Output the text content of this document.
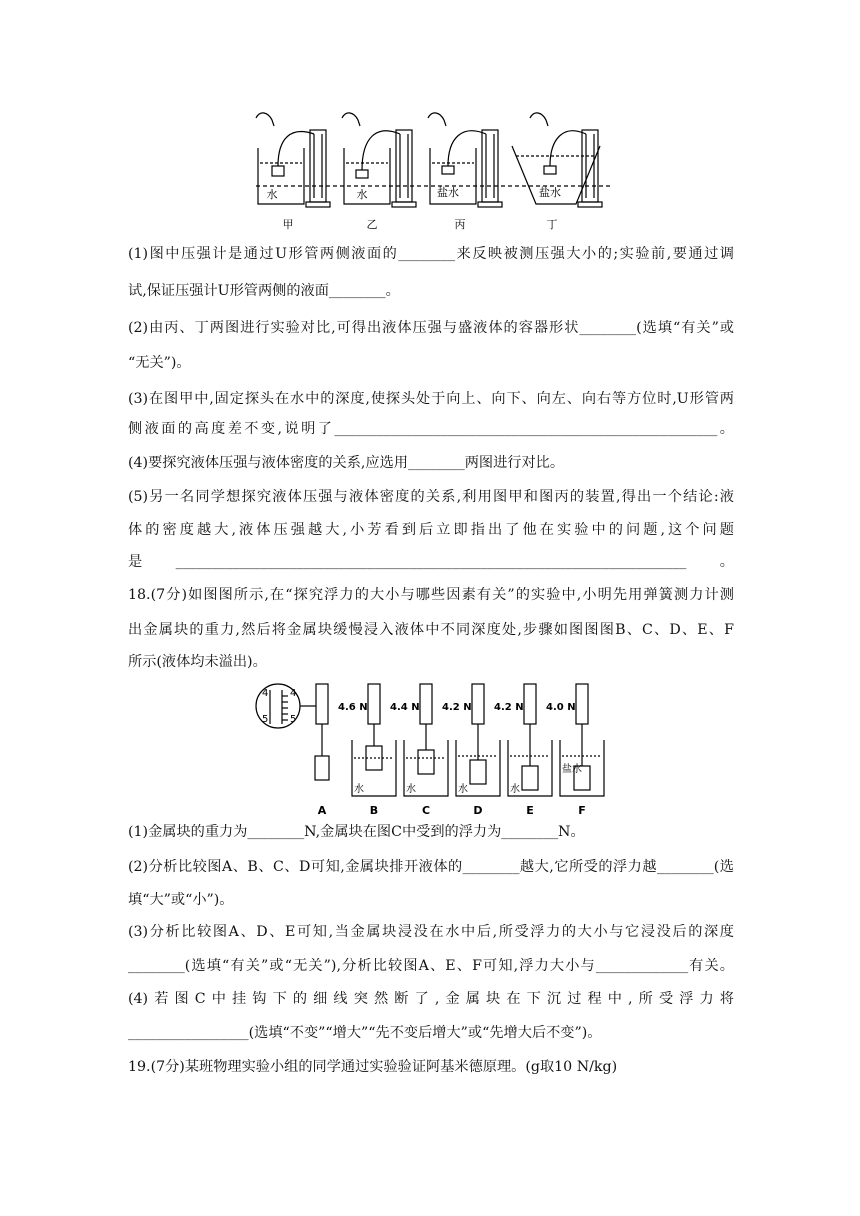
水	水	盐水	盐水
甲	乙	丙	丁
(1)图中压强计是通过U形管两侧液面的________来反映被测压强大小的;实验前,要通过调
试,保证压强计U形管两侧的液面________。
(2)由丙、丁两图进行实验对比,可得出液体压强与盛液体的容器形状________(选填“有关”或
“无关”)。
(3)在图甲中,固定探头在水中的深度,使探头处于向上、向下、向左、向右等方位时,U形管两
侧液面的高度差不变,说明了______________________________________________________。
(4)要探究液体压强与液体密度的关系,应选用________两图进行对比。
(5)另一名同学想探究液体压强与液体密度的关系,利用图甲和图丙的装置,得出一个结论:液
体的密度越大,液体压强越大,小芳看到后立即指出了他在实验中的问题,这个问题
是________________________________________________________________________。
18.(7分)如图图所示,在“探究浮力的大小与哪些因素有关”的实验中,小明先用弹簧测力计测
出金属块的重力,然后将金属块缓慢浸入液体中不同深度处,步骤如图图图B、C、D、E、F
所示(液体均未溢出)。
4
5
4
5
4.6 N 4.4 N 4.2 N 4.2 N 4.0 N
水	水	水	水
盐水
A	B	C	D	E	F
(1)金属块的重力为________N,金属块在图C中受到的浮力为________N。
(2)分析比较图A、B、C、D可知,金属块排开液体的________越大,它所受的浮力越________(选
填“大”或“小”)。
(3)分析比较图A、D、E可知,当金属块浸没在水中后,所受浮力的大小与它浸没后的深度
________(选填“有关”或“无关”),分析比较图A、E、F可知,浮力大小与_____________有关。
(4)若图C中挂钩下的细线突然断了,金属块在下沉过程中,所受浮力将
_________________(选填“不变”“增大”“先不变后增大”或“先增大后不变”)。
19.(7分)某班物理实验小组的同学通过实验验证阿基米德原理。(g取10 N/kg)
